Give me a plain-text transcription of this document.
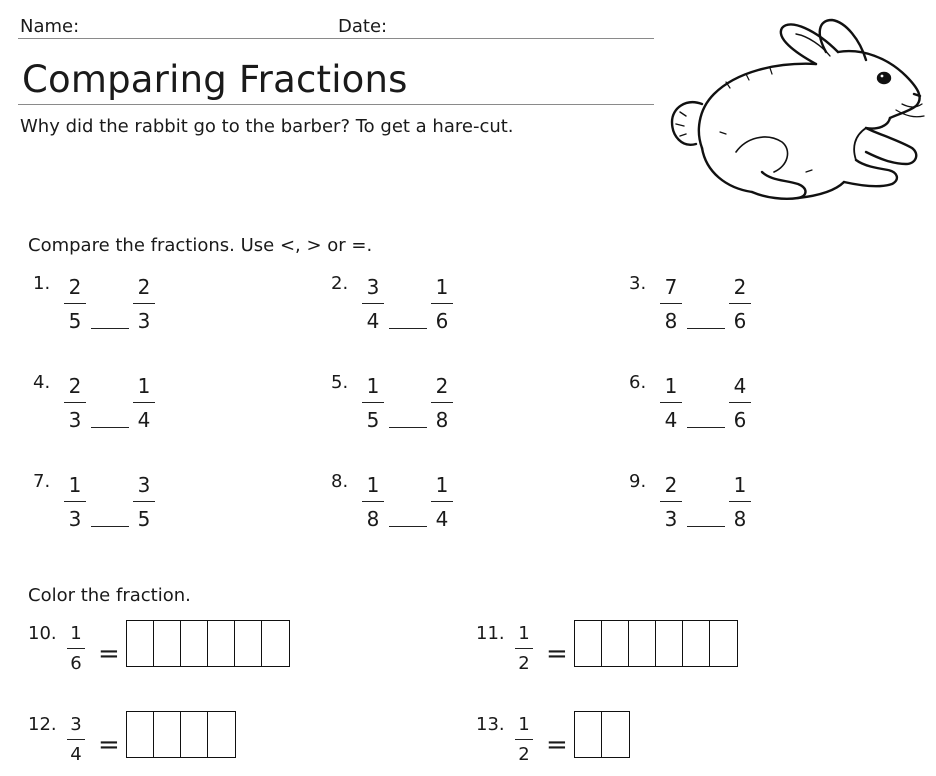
Name:	Date:
Comparing Fractions
Why did the rabbit go to the barber? To get a hare-cut.
Compare the fractions. Use <, > or =.
1. 2
5
2
3
2. 3
4
1
6
3. 7
8
2
6
4. 2
3
1
4
5. 1
5
2
8
6. 1
4
4
6
7. 1
3
3
5
8. 1
8
1
4
9. 2
3
1
8
Color the fraction.
10. 1
6 =
11. 1
2 =
12. 3
4 =
13. 1
2 =
